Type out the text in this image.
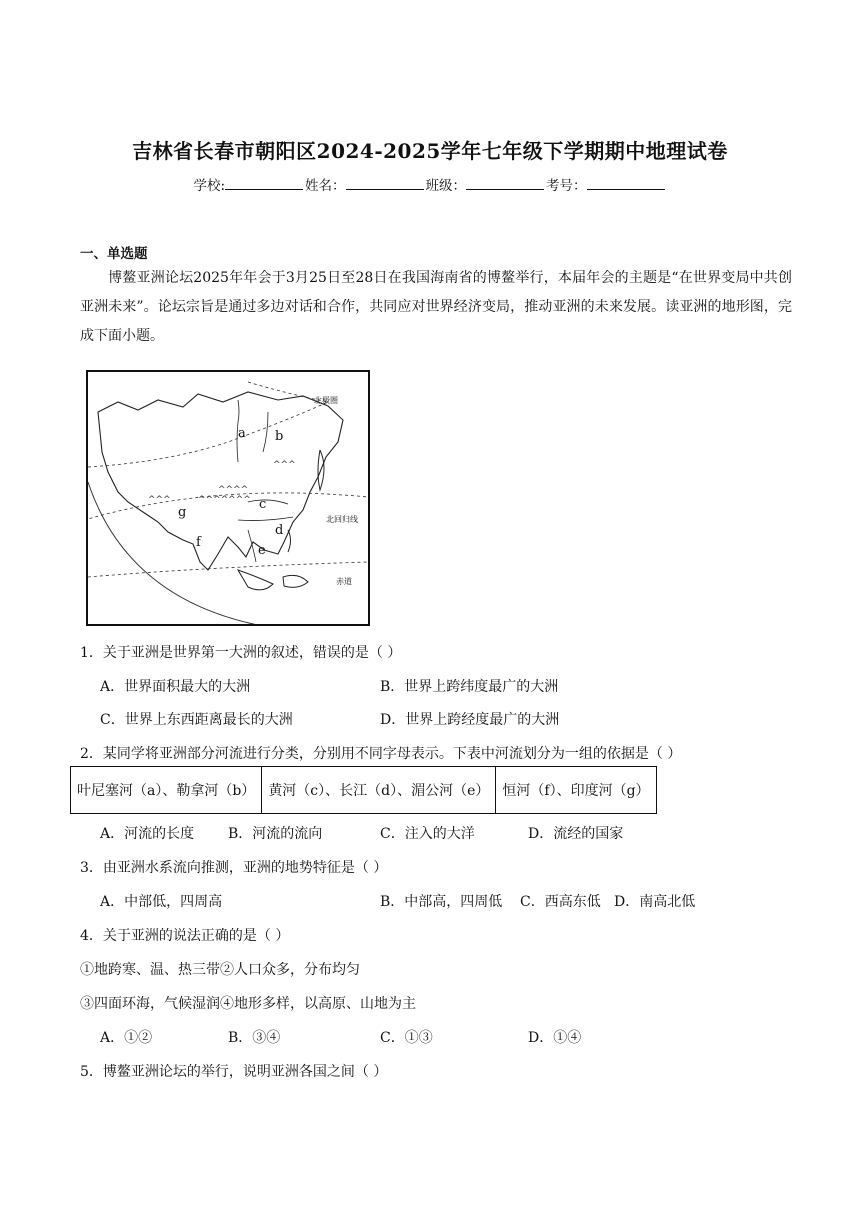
吉林省长春市朝阳区2024-2025学年七年级下学期期中地理试卷
学校:	姓名：	班级：	考号：
一、单选题
博鳌亚洲论坛2025年年会于3月25日至28日在我国海南省的博鳌举行，本届年会的主题是“在世界变局中共创亚洲未来”。论坛宗旨是通过多边对话和合作，共同应对世界经济变局，推动亚洲的未来发展。读亚洲的地形图，完成下面小题。
^^^^^^^
^^^^
^^^
^^^
北极圈
北回归线
赤道
a b
c
d
e
f
g
1．关于亚洲是世界第一大洲的叙述，错误的是（ ）
A．世界面积最大的大洲	B．世界上跨纬度最广的大洲
C．世界上东西距离最长的大洲	D．世界上跨经度最广的大洲
2．某同学将亚洲部分河流进行分类，分别用不同字母表示。下表中河流划分为一组的依据是（ ）
叶尼塞河（a）、勒拿河（b）	黄河（c）、长江（d）、湄公河（e）	恒河（f）、印度河（g）
A．河流的长度 B．河流的流向	C．注入的大洋	D．流经的国家
3．由亚洲水系流向推测，亚洲的地势特征是（ ）
A．中部低，四周高	B．中部高，四周低 C．西高东低 D．南高北低
4．关于亚洲的说法正确的是（ ）
①地跨寒、温、热三带②人口众多，分布均匀
③四面环海，气候湿润④地形多样，以高原、山地为主
A．①②	B．③④	C．①③	D．①④
5．博鳌亚洲论坛的举行，说明亚洲各国之间（ ）
